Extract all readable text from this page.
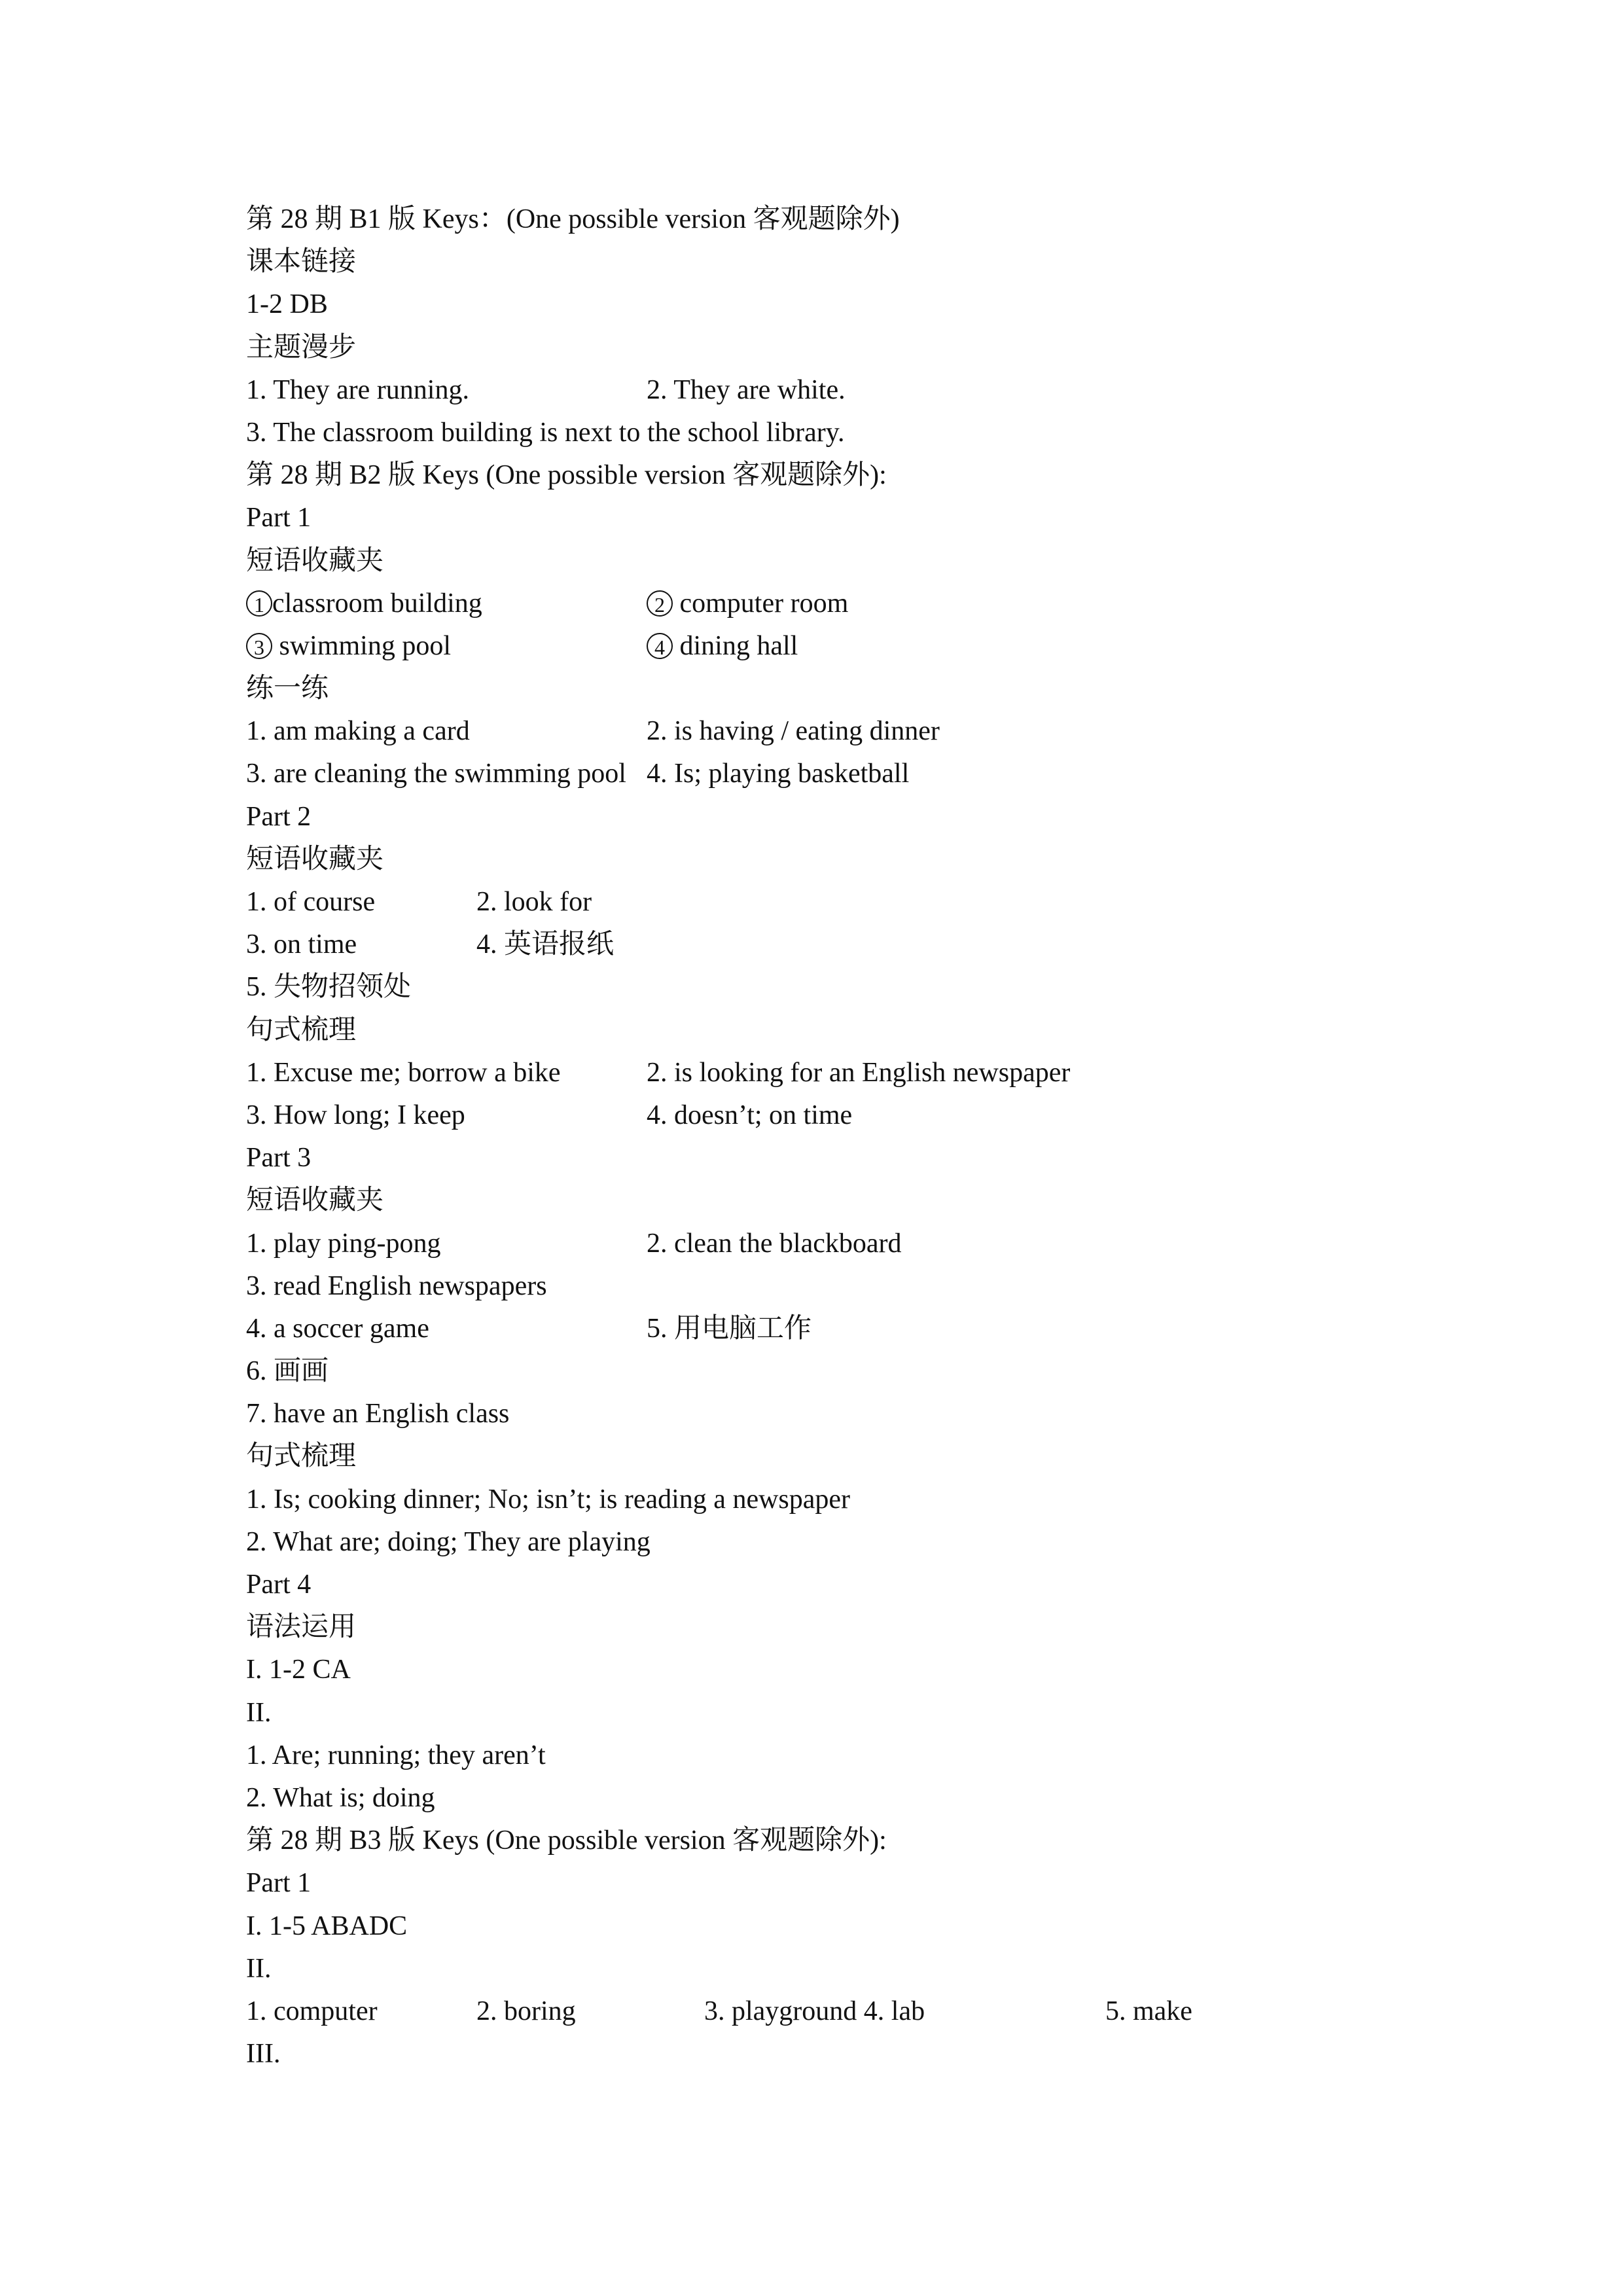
第 28 期 B1 版 Keys：(One possible version 客观题除外)
课本链接
1-2 DB
主题漫步
1. They are running.	2. They are white.
3. The classroom building is next to the school library.
第 28 期 B2 版 Keys (One possible version 客观题除外):
Part 1
短语收藏夹
1 classroom building	2 computer room
3 swimming pool	4 dining hall
练一练
1. am making a card	2. is having / eating dinner
3. are cleaning the swimming pool 4. Is; playing basketball
Part 2
短语收藏夹
1. of course	2. look for
3. on time	4. 英语报纸
5. 失物招领处
句式梳理
1. Excuse me; borrow a bike	2. is looking for an English newspaper
3. How long; I keep	4. doesn’t; on time
Part 3
短语收藏夹
1. play ping-pong	2. clean the blackboard
3. read English newspapers
4. a soccer game	5. 用电脑工作
6. 画画
7. have an English class
句式梳理
1. Is; cooking dinner; No; isn’t; is reading a newspaper
2. What are; doing; They are playing
Part 4
语法运用
I. 1-2 CA
II.
1. Are; running; they aren’t
2. What is; doing
第 28 期 B3 版 Keys (One possible version 客观题除外):
Part 1
I. 1-5 ABADC
II.
1. computer	2. boring	3. playground 4. lab	5. make
III.
